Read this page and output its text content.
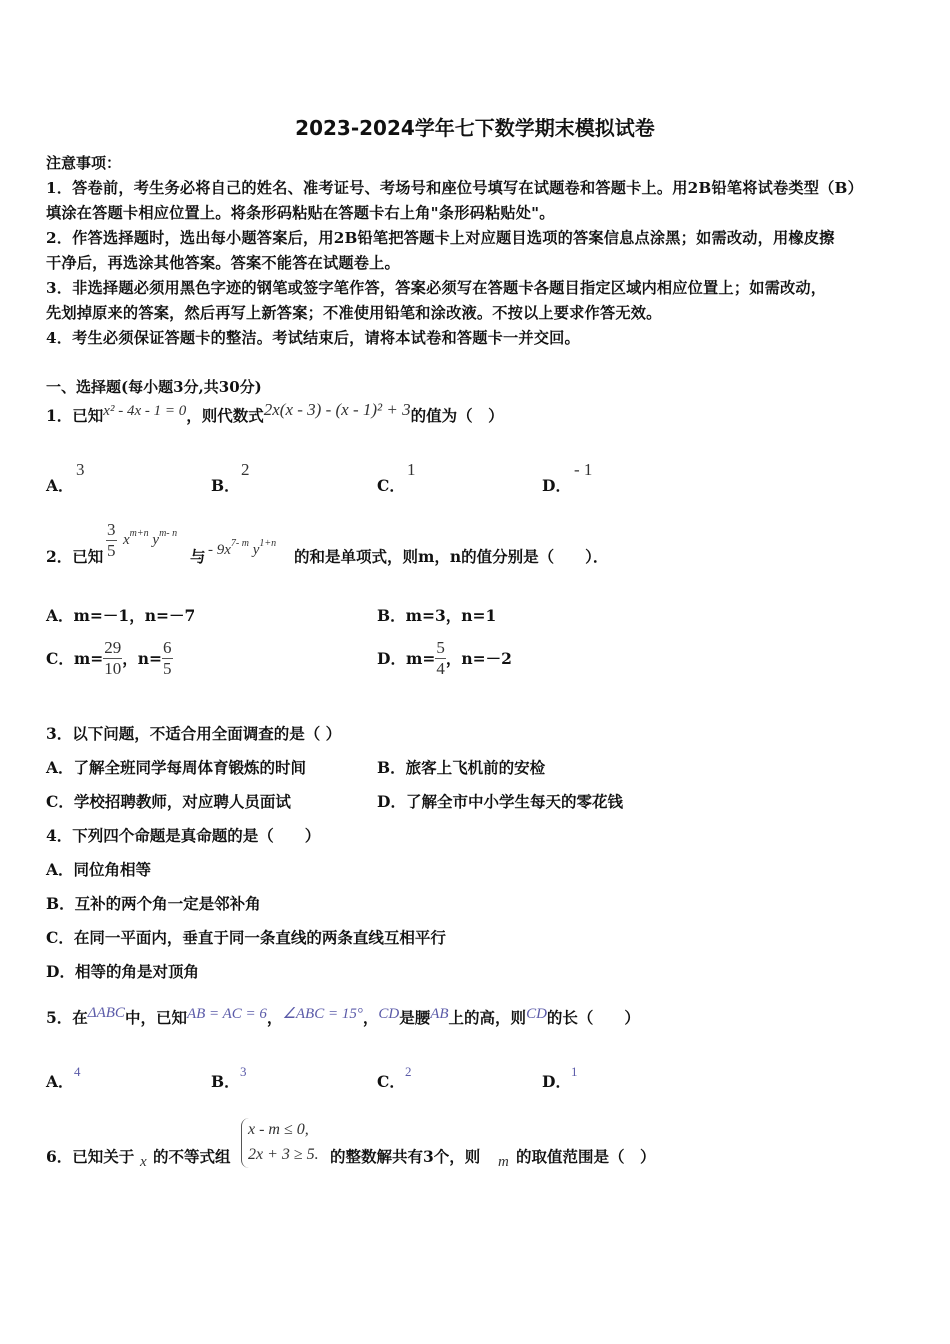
2023-2024学年七下数学期末模拟试卷
注意事项：
1．答卷前，考生务必将自己的姓名、准考证号、考场号和座位号填写在试题卷和答题卡上。用2B铅笔将试卷类型（B）
填涂在答题卡相应位置上。将条形码粘贴在答题卡右上角"条形码粘贴处"。
2．作答选择题时，选出每小题答案后，用2B铅笔把答题卡上对应题目选项的答案信息点涂黑；如需改动，用橡皮擦
干净后，再选涂其他答案。答案不能答在试题卷上。
3．非选择题必须用黑色字迹的钢笔或签字笔作答，答案必须写在答题卡各题目指定区域内相应位置上；如需改动，
先划掉原来的答案，然后再写上新答案；不准使用铅笔和涂改液。不按以上要求作答无效。
4．考生必须保证答题卡的整洁。考试结束后，请将本试卷和答题卡一并交回。
一、选择题(每小题3分,共30分)
1．已知x² - 4x - 1 = 0，则代数式2x(x - 3) - (x - 1)² + 3的值为（　）
A．
3
B．
2
C．
1
D．
- 1
2．已知 $\frac{3}{5} x^{m+n}$ $y^{m- n}$
与 - $9x^{7- m}$ $y^{1+n}$
的和是单项式，则m，n的值分别是（　　）．
A．m=－1，n=－7	B．m=3，n=1
C．$m= \frac{29}{10}$ ，$n= \frac{6}{5}$	D．$m= \frac{5}{4}$ ，n=－2
3．以下问题，不适合用全面调查的是（ ）
A．了解全班同学每周体育锻炼的时间	B．旅客上飞机前的安检
C．学校招聘教师，对应聘人员面试	D．了解全市中小学生每天的零花钱
4．下列四个命题是真命题的是（　　）
A．同位角相等
B．互补的两个角一定是邻补角
C．在同一平面内，垂直于同一条直线的两条直线互相平行
D．相等的角是对顶角
5．在ΔABC中，已知AB = AC = 6，∠ABC = 15°，CD是腰AB上的高，则CD的长（　　）
A．
4
B．
3
C．
2
D．
1
6．已知关于 x 的不等式组
x - m ≤ 0,
2x + 3 ≥ 5. 的整数解共有3个，则 m 的取值范围是（　）
